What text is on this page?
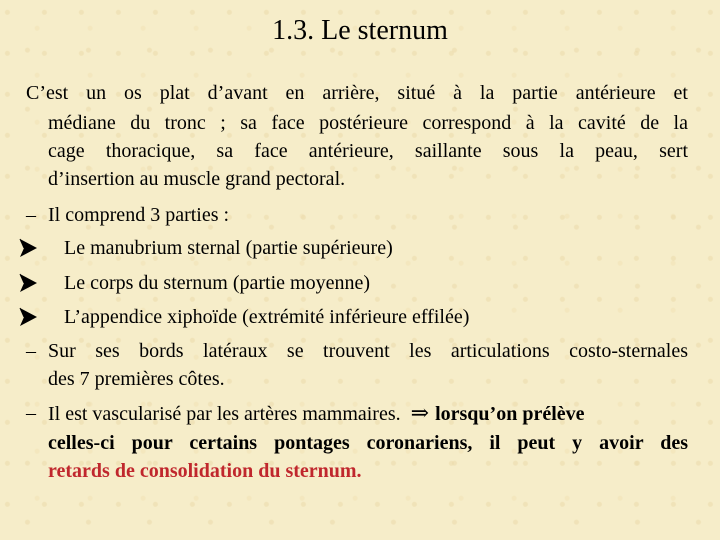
1.3. Le sternum
C’est un os plat d’avant en arrière, situé à la partie antérieure et
médiane du tronc ; sa face postérieure correspond à la cavité de la
cage thoracique, sa face antérieure, saillante sous la peau, sert
d’insertion au muscle grand pectoral.
– Il comprend 3 parties :
Le manubrium sternal (partie supérieure)
Le corps du sternum (partie moyenne)
L’appendice xiphoïde (extrémité inférieure effilée)
– Sur ses bords latéraux se trouvent les articulations costo-sternales
des 7 premières côtes.
– Il est vascularisé par les artères mammaires. ⇒ lorsqu’on prélève
celles-ci pour certains pontages coronariens, il peut y avoir des
retards de consolidation du sternum.
